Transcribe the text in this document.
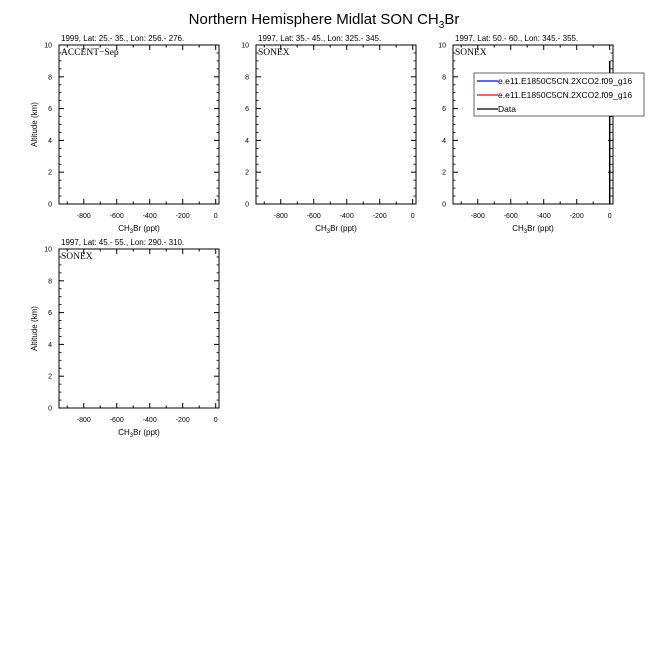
Northern Hemisphere Midlat SON $CH_3Br$
-800	-600	-400	-200	0
0
2
4
6
8
10
1999, Lat: 25.- 35., Lon: 256.- 276.
ACCENT−Sep
$CH_3Br$ (ppt)
Altitude (km)
-800	-600	-400	-200	0
0
2
4
6
8
10
1997, Lat: 35.- 45., Lon: 325.- 345.
SONEX
$CH_3Br$ (ppt)
-800	-600	-400	-200	0
0
2
4
6
8
10
1997, Lat: 50.- 60., Lon: 345.- 355.
SONEX
$CH_3Br$ (ppt)
e.e11.E1850C5CN.2XCO2.f09_g16
e.e11.E1850C5CN.2XCO2.f09_g16
Data
-800	-600	-400	-200	0
0
2
4
6
8
10
1997, Lat: 45.- 55., Lon: 290.- 310.
SONEX
$CH_3Br$ (ppt)
Altitude (km)
